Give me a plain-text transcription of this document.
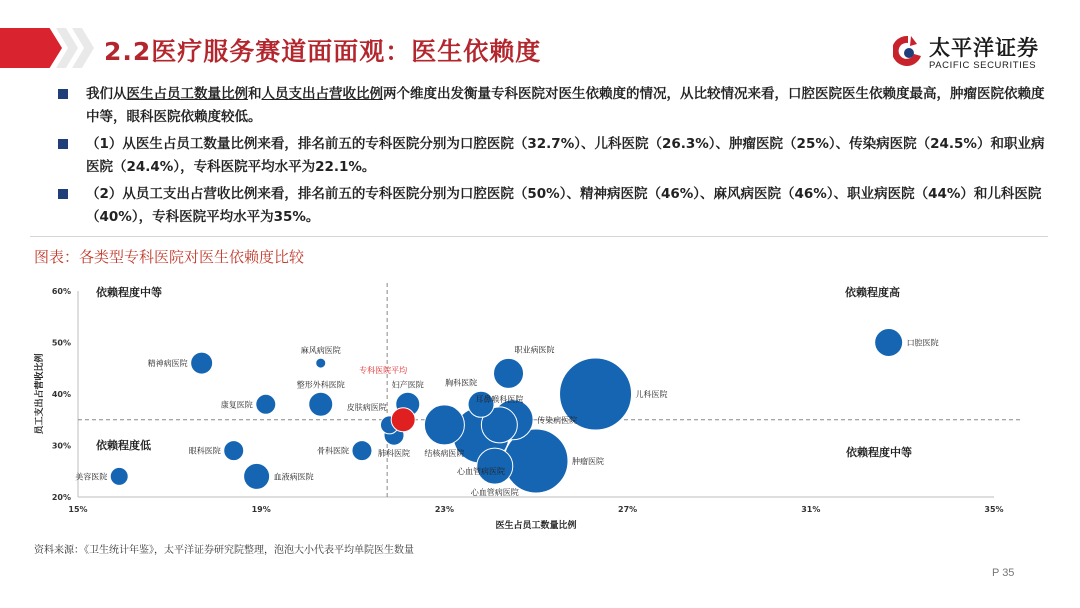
2.2医疗服务赛道面面观：医生依赖度	太平洋证券
PACIFIC SECURITIES
我们从医生占员工数量比例和人员支出占营收比例两个维度出发衡量专科医院对医生依赖度的情况，从比较情况来看，口腔医院医生依赖度最高，肿瘤医院依赖度中等，眼科医院依赖度较低。
（1）从医生占员工数量比例来看，排名前五的专科医院分别为口腔医院（32.7%）、儿科医院（26.3%）、肿瘤医院（25%）、传染病医院（24.5%）和职业病医院（24.4%），专科医院平均水平为22.1%。
（2）从员工支出占营收比例来看，排名前五的专科医院分别为口腔医院（50%）、精神病医院（46%）、麻风病医院（46%）、职业病医院（44%）和儿科医院（40%），专科医院平均水平为35%。
图表：各类型专科医院对医生依赖度比较
20%
30%
40%
50%
60%
15%	19%	23%	27%	31%	35%
医生占员工数量比例
员工支出占营收比例
依赖程度中等	依赖程度高
依赖程度低
依赖程度中等
口腔医院
儿科医院
肿瘤医院
传染病医院
职业病医院
精神病医院
麻风病医院
康复医院
整形外科医院
眼科医院
血液病医院
美容医院
妇产医院	胸科医院
耳鼻喉科医院
皮肤病医院
骨科医院	肺科医院 结核病医院
心血管病医院
心血管病医院
专科医院平均
资料来源：《卫生统计年鉴》，太平洋证券研究院整理，泡泡大小代表平均单院医生数量
P 35
